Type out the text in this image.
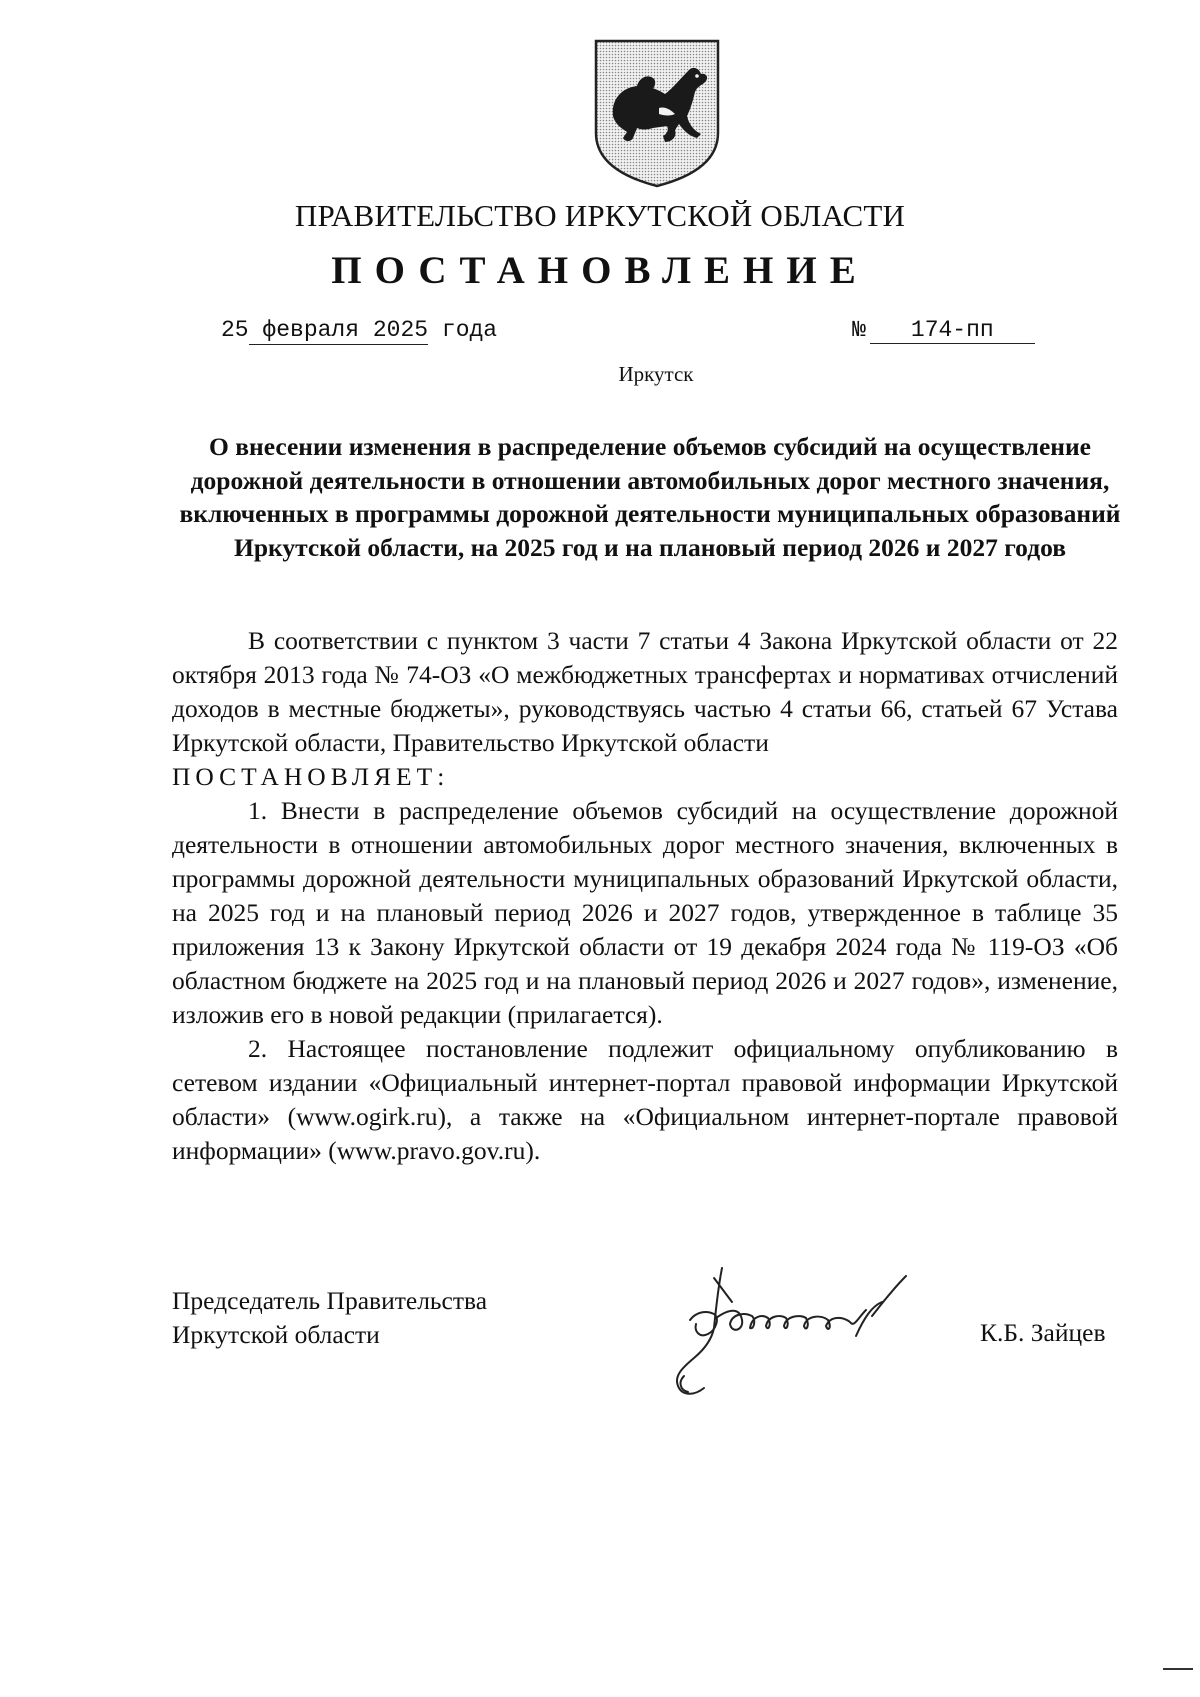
ПРАВИТЕЛЬСТВО ИРКУТСКОЙ ОБЛАСТИ
ПОСТАНОВЛЕНИЕ
25 февраля 2025 года	№ 174-пп
Иркутск
О внесении изменения в распределение объемов субсидий на осуществление дорожной деятельности в отношении автомобильных дорог местного значения, включенных в программы дорожной деятельности муниципальных образований Иркутской области, на 2025 год и на плановый период 2026 и 2027 годов

В соответствии с пунктом 3 части 7 статьи 4 Закона Иркутской области от 22 октября 2013 года № 74-ОЗ «О межбюджетных трансфертах и нормативах отчислений доходов в местные бюджеты», руководствуясь частью 4 статьи 66, статьей 67 Устава Иркутской области, Правительство Иркутской области

ПОСТАНОВЛЯЕТ:

1. Внести в распределение объемов субсидий на осуществление дорожной деятельности в отношении автомобильных дорог местного значения, включенных в программы дорожной деятельности муниципальных образований Иркутской области, на 2025 год и на плановый период 2026 и 2027 годов, утвержденное в таблице 35 приложения 13 к Закону Иркутской области от 19 декабря 2024 года № 119-ОЗ «Об областном бюджете на 2025 год и на плановый период 2026 и 2027 годов», изменение, изложив его в новой редакции (прилагается).

2. Настоящее постановление подлежит официальному опубликованию в сетевом издании «Официальный интернет-портал правовой информации Иркутской области» (www.ogirk.ru), а также на «Официальном интернет-портале правовой информации» (www.pravo.gov.ru).

Председатель Правительства
Иркутской области	К.Б. Зайцев
